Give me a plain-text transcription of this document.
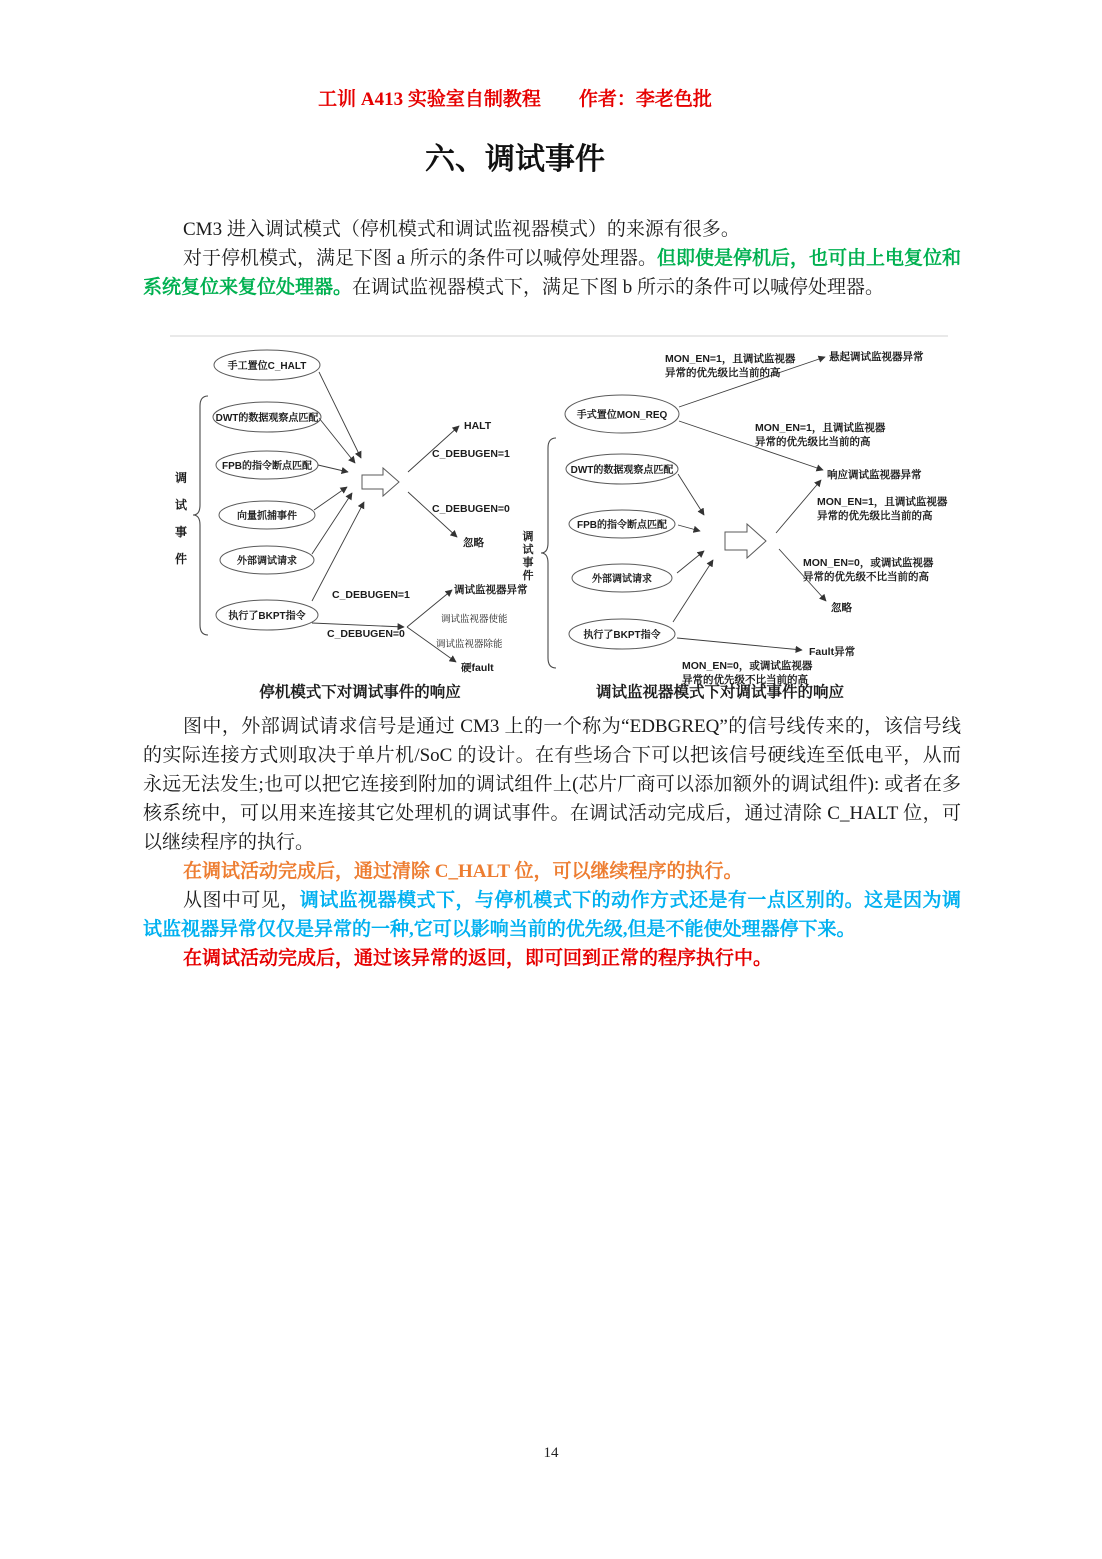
工训 A413 实验室自制教程　　作者：李老色批
六、调试事件

CM3 进入调试模式（停机模式和调试监视器模式）的来源有很多。

对于停机模式，满足下图 a 所示的条件可以喊停处理器。但即使是停机后，也可由上电复位和系统复位来复位处理器。在调试监视器模式下，满足下图 b 所示的条件可以喊停处理器。

调
试
事
件
手工置位C_HALT
DWT的数据观察点匹配
FPB的指令断点匹配
向量抓捕事件
外部调试请求
执行了BKPT指令
HALT
C_DEBUGEN=1
C_DEBUGEN=0
忽略
C_DEBUGEN=1
C_DEBUGEN=0
调试监视器异常
调试监视器使能
调试监视器除能
硬fault
停机模式下对调试事件的响应
调
试
事
件
手式置位MON_REQ
DWT的数据观察点匹配
FPB的指令断点匹配
外部调试请求
执行了BKPT指令
悬起调试监视器异常
MON_EN=1，且调试监视器
异常的优先级比当前的高
MON_EN=1，且调试监视器
异常的优先级比当前的高
响应调试监视器异常
MON_EN=1，且调试监视器
异常的优先级比当前的高
MON_EN=0，或调试监视器
异常的优先级不比当前的高
忽略
Fault异常
MON_EN=0，或调试监视器
异常的优先级不比当前的高
调试监视器模式下对调试事件的响应

图中，外部调试请求信号是通过 CM3 上的一个称为“EDBGREQ”的信号线传来的，该信号线的实际连接方式则取决于单片机/SoC 的设计。在有些场合下可以把该信号硬线连至低电平，从而永远无法发生;也可以把它连接到附加的调试组件上(芯片厂商可以添加额外的调试组件): 或者在多核系统中，可以用来连接其它处理机的调试事件。在调试活动完成后，通过清除 C_HALT 位，可以继续程序的执行。

在调试活动完成后，通过清除 C_HALT 位，可以继续程序的执行。

从图中可见，调试监视器模式下，与停机模式下的动作方式还是有一点区别的。这是因为调试监视器异常仅仅是异常的一种,它可以影响当前的优先级,但是不能使处理器停下来。

在调试活动完成后，通过该异常的返回，即可回到正常的程序执行中。

14
